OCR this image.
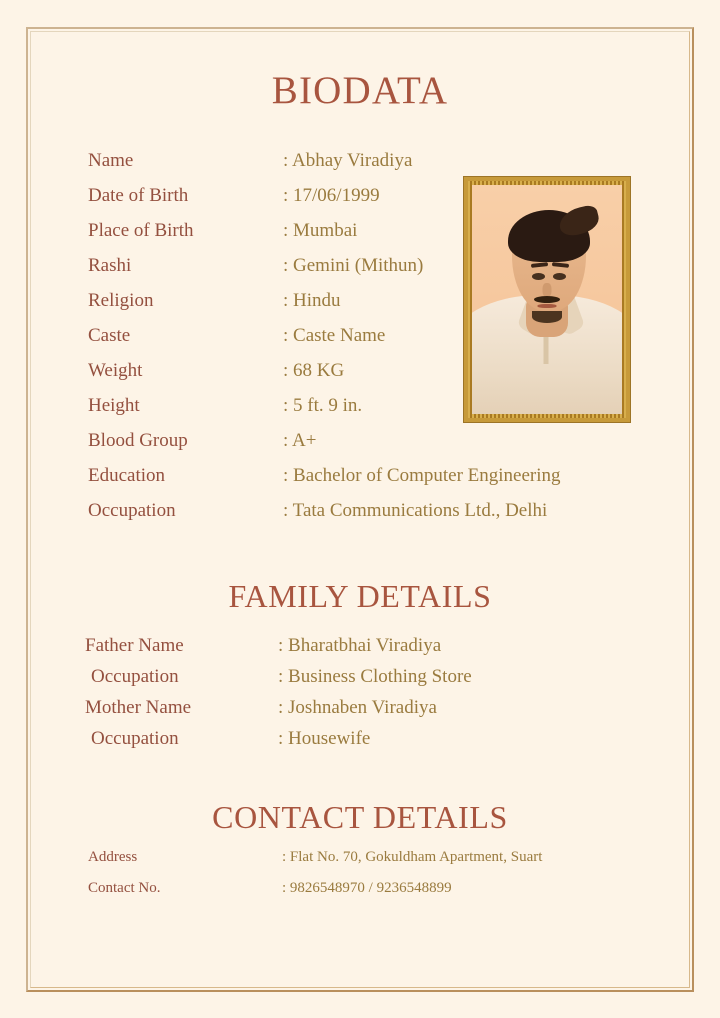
BIODATA
Name	: Abhay Viradiya
Date of Birth	: 17/06/1999
Place of Birth	: Mumbai
Rashi	: Gemini (Mithun)
Religion	: Hindu
Caste	: Caste Name
Weight	: 68 KG
Height	: 5 ft. 9 in.
Blood Group	: A+
Education	: Bachelor of Computer Engineering
Occupation	: Tata Communications Ltd., Delhi
FAMILY DETAILS
Father Name	: Bharatbhai Viradiya
Occupation	: Business Clothing Store
Mother Name	: Joshnaben Viradiya
Occupation	: Housewife
CONTACT DETAILS
Address	: Flat No. 70, Gokuldham Apartment, Suart
Contact No.	: 9826548970 / 9236548899
